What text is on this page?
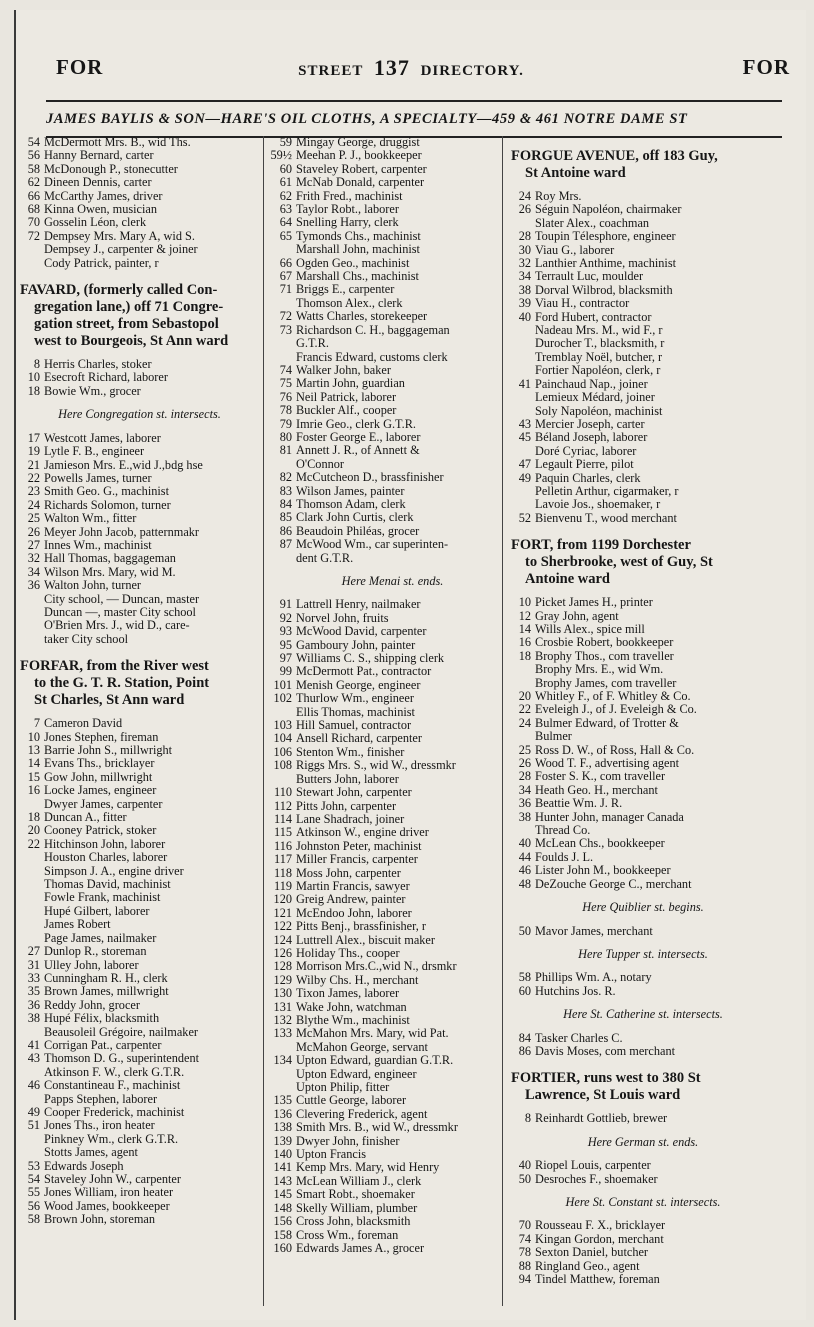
FOR	STREET 137 DIRECTORY.	FOR
JAMES BAYLIS & SON—HARE'S OIL CLOTHS, A SPECIALTY—459 & 461 NOTRE DAME ST
54 McDermott Mrs. B., wid Ths.
56 Hanny Bernard, carter
58 McDonough P., stonecutter
62 Dineen Dennis, carter
66 McCarthy James, driver
68 Kinna Owen, musician
70 Gosselin Léon, clerk
72 Dempsey Mrs. Mary A, wid S.
Dempsey J., carpenter & joiner
Cody Patrick, painter, r
FAVARD, (formerly called Con-
gregation lane,) off 71 Congre-
gation street, from Sebastopol
west to Bourgeois, St Ann ward
8 Herris Charles, stoker
10 Esecroft Richard, laborer
18 Bowie Wm., grocer
Here Congregation st. intersects.
17 Westcott James, laborer
19 Lytle F. B., engineer
21 Jamieson Mrs. E.,wid J.,bdg hse
22 Powells James, turner
23 Smith Geo. G., machinist
24 Richards Solomon, turner
25 Walton Wm., fitter
26 Meyer John Jacob, patternmakr
27 Innes Wm., machinist
32 Hall Thomas, baggageman
34 Wilson Mrs. Mary, wid M.
36 Walton John, turner
City school, — Duncan, master
Duncan —, master City school
O'Brien Mrs. J., wid D., care-
taker City school
FORFAR, from the River west
to the G. T. R. Station, Point
St Charles, St Ann ward
7 Cameron David
10 Jones Stephen, fireman
13 Barrie John S., millwright
14 Evans Ths., bricklayer
15 Gow John, millwright
16 Locke James, engineer
Dwyer James, carpenter
18 Duncan A., fitter
20 Cooney Patrick, stoker
22 Hitchinson John, laborer
Houston Charles, laborer
Simpson J. A., engine driver
Thomas David, machinist
Fowle Frank, machinist
Hupé Gilbert, laborer
James Robert
Page James, nailmaker
27 Dunlop R., storeman
31 Ulley John, laborer
33 Cunningham R. H., clerk
35 Brown James, millwright
36 Reddy John, grocer
38 Hupé Félix, blacksmith
Beausoleil Grégoire, nailmaker
41 Corrigan Pat., carpenter
43 Thomson D. G., superintendent
Atkinson F. W., clerk G.T.R.
46 Constantineau F., machinist
Papps Stephen, laborer
49 Cooper Frederick, machinist
51 Jones Ths., iron heater
Pinkney Wm., clerk G.T.R.
Stotts James, agent
53 Edwards Joseph
54 Staveley John W., carpenter
55 Jones William, iron heater
56 Wood James, bookkeeper
58 Brown John, storeman
59 Mingay George, druggist
59½ Meehan P. J., bookkeeper
60 Staveley Robert, carpenter
61 McNab Donald, carpenter
62 Frith Fred., machinist
63 Taylor Robt., laborer
64 Snelling Harry, clerk
65 Tymonds Chs., machinist
Marshall John, machinist
66 Ogden Geo., machinist
67 Marshall Chs., machinist
71 Briggs E., carpenter
Thomson Alex., clerk
72 Watts Charles, storekeeper
73 Richardson C. H., baggageman
G.T.R.
Francis Edward, customs clerk
74 Walker John, baker
75 Martin John, guardian
76 Neil Patrick, laborer
78 Buckler Alf., cooper
79 Imrie Geo., clerk G.T.R.
80 Foster George E., laborer
81 Annett J. R., of Annett &
O'Connor
82 McCutcheon D., brassfinisher
83 Wilson James, painter
84 Thomson Adam, clerk
85 Clark John Curtis, clerk
86 Beaudoin Philéas, grocer
87 McWood Wm., car superinten-
dent G.T.R.
Here Menai st. ends.
91 Lattrell Henry, nailmaker
92 Norvel John, fruits
93 McWood David, carpenter
95 Gamboury John, painter
97 Williams C. S., shipping clerk
99 McDermott Pat., contractor
101 Menish George, engineer
102 Thurlow Wm., engineer
Ellis Thomas, machinist
103 Hill Samuel, contractor
104 Ansell Richard, carpenter
106 Stenton Wm., finisher
108 Riggs Mrs. S., wid W., dressmkr
Butters John, laborer
110 Stewart John, carpenter
112 Pitts John, carpenter
114 Lane Shadrach, joiner
115 Atkinson W., engine driver
116 Johnston Peter, machinist
117 Miller Francis, carpenter
118 Moss John, carpenter
119 Martin Francis, sawyer
120 Greig Andrew, painter
121 McEndoo John, laborer
122 Pitts Benj., brassfinisher, r
124 Luttrell Alex., biscuit maker
126 Holiday Ths., cooper
128 Morrison Mrs.C.,wid N., drsmkr
129 Wilby Chs. H., merchant
130 Tixon James, laborer
131 Wake John, watchman
132 Blythe Wm., machinist
133 McMahon Mrs. Mary, wid Pat.
McMahon George, servant
134 Upton Edward, guardian G.T.R.
Upton Edward, engineer
Upton Philip, fitter
135 Cuttle George, laborer
136 Clevering Frederick, agent
138 Smith Mrs. B., wid W., dressmkr
139 Dwyer John, finisher
140 Upton Francis
141 Kemp Mrs. Mary, wid Henry
143 McLean William J., clerk
145 Smart Robt., shoemaker
148 Skelly William, plumber
156 Cross John, blacksmith
158 Cross Wm., foreman
160 Edwards James A., grocer
FORGUE AVENUE, off 183 Guy,
St Antoine ward
24 Roy Mrs.
26 Séguin Napoléon, chairmaker
Slater Alex., coachman
28 Toupin Télesphore, engineer
30 Viau G., laborer
32 Lanthier Anthime, machinist
34 Terrault Luc, moulder
38 Dorval Wilbrod, blacksmith
39 Viau H., contractor
40 Ford Hubert, contractor
Nadeau Mrs. M., wid F., r
Durocher T., blacksmith, r
Tremblay Noël, butcher, r
Fortier Napoléon, clerk, r
41 Painchaud Nap., joiner
Lemieux Médard, joiner
Soly Napoléon, machinist
43 Mercier Joseph, carter
45 Béland Joseph, laborer
Doré Cyriac, laborer
47 Legault Pierre, pilot
49 Paquin Charles, clerk
Pelletin Arthur, cigarmaker, r
Lavoie Jos., shoemaker, r
52 Bienvenu T., wood merchant
FORT, from 1199 Dorchester
to Sherbrooke, west of Guy, St
Antoine ward
10 Picket James H., printer
12 Gray John, agent
14 Wills Alex., spice mill
16 Crosbie Robert, bookkeeper
18 Brophy Thos., com traveller
Brophy Mrs. E., wid Wm.
Brophy James, com traveller
20 Whitley F., of F. Whitley & Co.
22 Eveleigh J., of J. Eveleigh & Co.
24 Bulmer Edward, of Trotter &
Bulmer
25 Ross D. W., of Ross, Hall & Co.
26 Wood T. F., advertising agent
28 Foster S. K., com traveller
34 Heath Geo. H., merchant
36 Beattie Wm. J. R.
38 Hunter John, manager Canada
Thread Co.
40 McLean Chs., bookkeeper
44 Foulds J. L.
46 Lister John M., bookkeeper
48 DeZouche George C., merchant
Here Quiblier st. begins.
50 Mavor James, merchant
Here Tupper st. intersects.
58 Phillips Wm. A., notary
60 Hutchins Jos. R.
Here St. Catherine st. intersects.
84 Tasker Charles C.
86 Davis Moses, com merchant
FORTIER, runs west to 380 St
Lawrence, St Louis ward
8 Reinhardt Gottlieb, brewer
Here German st. ends.
40 Riopel Louis, carpenter
50 Desroches F., shoemaker
Here St. Constant st. intersects.
70 Rousseau F. X., bricklayer
74 Kingan Gordon, merchant
78 Sexton Daniel, butcher
88 Ringland Geo., agent
94 Tindel Matthew, foreman
